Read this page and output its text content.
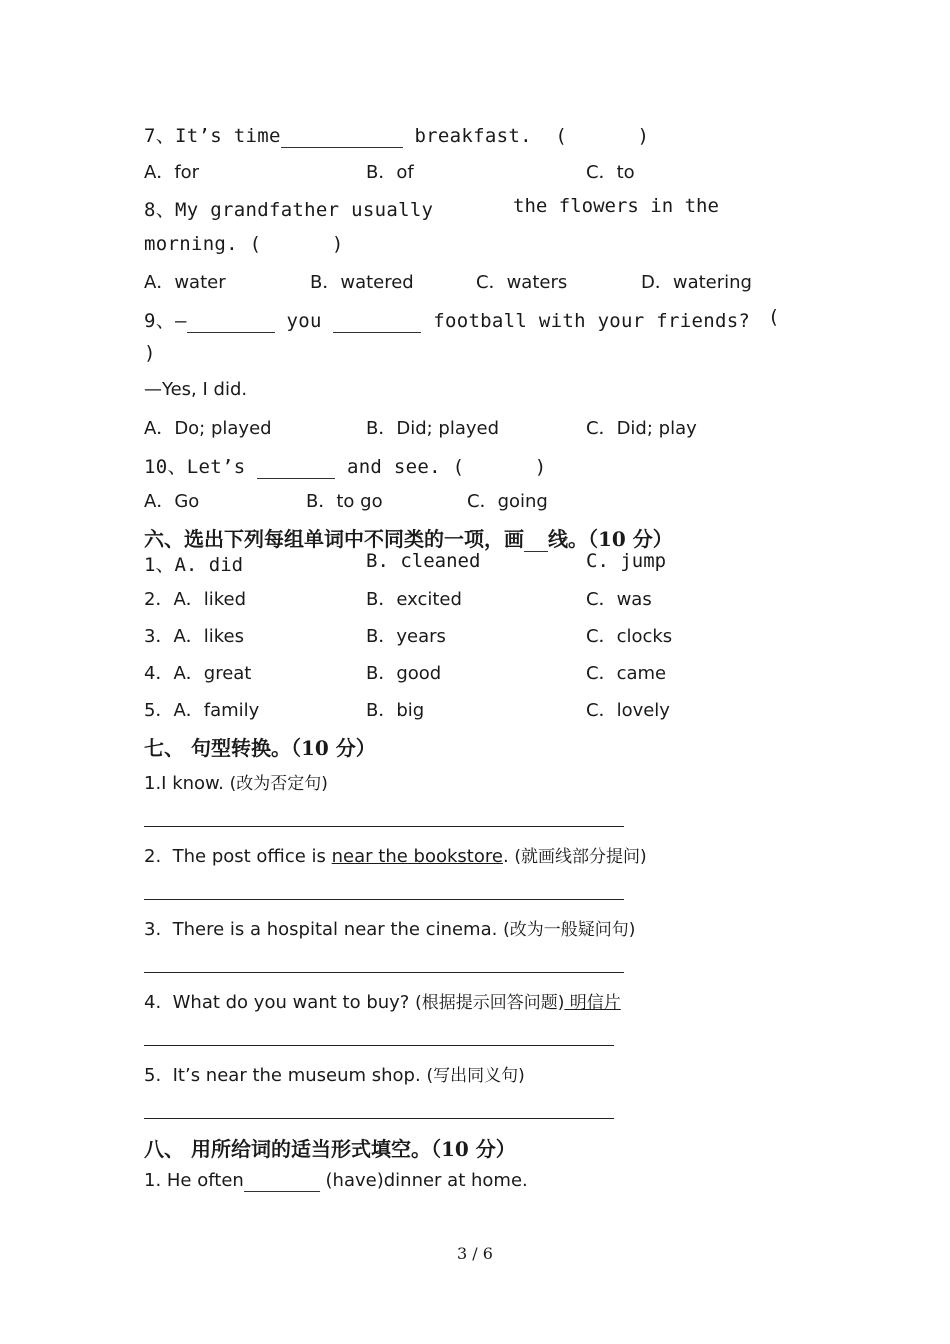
7、It’s time	breakfast.  (      )
A．for	B．of	C．to
8、My grandfather usually	the flowers in the
morning. (      )
A．water	B．watered	C．waters	D．watering
9、—	you	football with your friends? (
)
—Yes, I did.
A．Do; played	B．Did; played	C．Did; play
10、Let’s	and see. (      )
A．Go	B．to go	C．going
六、选出下列每组单词中不同类的一项，画 线。（10 分）
1、A. did	B. cleaned	C. jump
2．A．liked	B．excited	C．was
3．A．likes	B．years	C．clocks
4．A．great	B．good	C．came
5．A．family	B．big	C．lovely
七、 句型转换。（10 分）
1.I know. (改为否定句)
2.  The post office is near the bookstore. (就画线部分提问)
3.  There is a hospital near the cinema. (改为一般疑问句)
4.  What do you want to buy? (根据提示回答问题) 明信片
5.  It’s near the museum shop. (写出同义句)
八、 用所给词的适当形式填空。（10 分）
1. He often	(have)dinner at home.
3 / 6
